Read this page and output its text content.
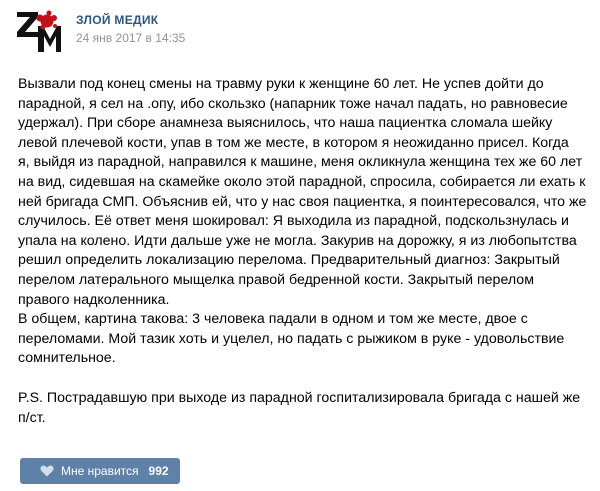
ЗЛОЙ МЕДИК
24 янв 2017 в 14:35

Вызвали под конец смены на травму руки к женщине 60 лет. Не успев дойти до
парадной, я сел на .опу, ибо скользко (напарник тоже начал падать, но равновесие
удержал). При сборе анамнеза выяснилось, что наша пациентка сломала шейку
левой плечевой кости, упав в том же месте, в котором я неожиданно присел. Когда
я, выйдя из парадной, направился к машине, меня окликнула женщина тех же 60 лет
на вид, сидевшая на скамейке около этой парадной, спросила, собирается ли ехать к
ней бригада СМП. Объяснив ей, что у нас своя пациентка, я поинтересовался, что же
случилось. Её ответ меня шокировал: Я выходила из парадной, подскользнулась и
упала на колено. Идти дальше уже не могла. Закурив на дорожку, я из любопытства
решил определить локализацию перелома. Предварительный диагноз: Закрытый
перелом латерального мыщелка правой бедренной кости. Закрытый перелом
правого надколенника.

В общем, картина такова: 3 человека падали в одном и том же месте, двое с
переломами. Мой тазик хоть и уцелел, но падать с рыжиком в руке - удовольствие
сомнительное.

P.S. Пострадавшую при выходе из парадной госпитализировала бригада с нашей же
п/ст.

Мне нравится 992
